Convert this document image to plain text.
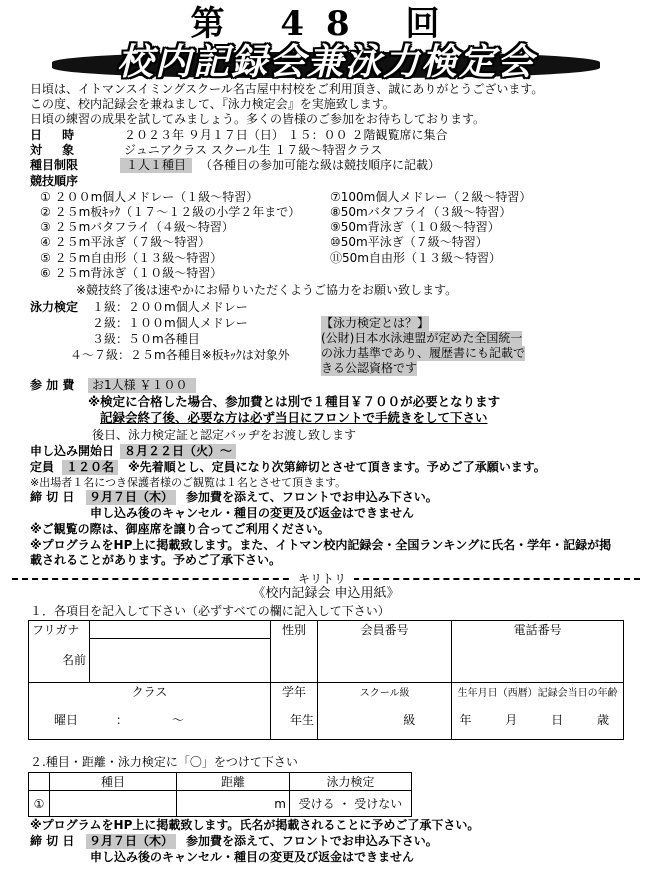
第 48 回
校内記録会兼泳力検定会
日頃は、イトマンスイミングスクール名古屋中村校をご利用頂き、誠にありがとうございます。
この度、校内記録会を兼ねまして、『泳力検定会』を実施致します。
日頃の練習の成果を試してみましょう。多くの皆様のご参加をお待ちしております。
日 時	２０２３年 ９月１７日（日） １５：００ ２階観覧席に集合
対 象	ジュニアクラス スクール生 １７級～特習クラス
種目制限	１人１種目	（各種目の参加可能な級は競技順序に記載）
競技順序
① ２００m個人メドレー（１級～特習）
② ２５m板ｷｯｸ（１７～１２級の小学２年まで）
③ ２５mバタフライ（４級～特習）
④ ２５m平泳ぎ（７級～特習）
⑤ ２５m自由形（１３級～特習）
⑥ ２５m背泳ぎ（１０級～特習）
⑦100m個人メドレー（２級～特習）
⑧50mバタフライ（３級～特習）
⑨50m背泳ぎ（１０級～特習）
⑩50m平泳ぎ（７級～特習）
⑪50m自由形（１３級～特習）
※競技終了後は速やかにお帰りいただくようご協力をお願い致します。
泳力検定 １級：２００m個人メドレー
２級：１００m個人メドレー
３級：５０m各種目
４～７級：２５m各種目※板ｷｯｸは対象外
【泳力検定とは？】
(公財)日本水泳連盟が定めた全国統一
の泳力基準であり、履歴書にも記載で
きる公認資格です
参 加 費	お1人様 ￥１００
※検定に合格した場合、参加費とは別で１種目￥７００が必要となります
記録会終了後、必要な方は必ず当日にフロントで手続きをして下さい
後日、泳力検定証と認定バッヂをお渡し致します
申し込み開始日 ８月２２日（火）～
定員 １２０名	※先着順とし、定員になり次第締切とさせて頂きます。予めご了承願います。
※出場者１名につき保護者様のご観覧は１名とさせて頂きます。
締 切 日 ９月７日（木） 参加費を添えて、フロントでお申込み下さい。
申し込み後のキャンセル・種目の変更及び返金はできません
※ご観覧の際は、御座席を譲り合ってご利用ください。
※プログラムをHP上に掲載致します。また、イトマン校内記録会・全国ランキングに氏名・学年・記録が掲
載されることがあります。予めご了承下さい。
キリトリ
《校内記録会 申込用紙》
１．各項目を記入して下さい（必ずすべての欄に記入して下さい）
フリガナ		性別	会員番号	電話番号
名前				
クラス		学年	スクール級	生年月日（西暦）記録会当日の年齢
曜日 ： ～		年生	級	年 月 日 歳
２.種目・距離・泳力検定に「〇」をつけて下さい
	種目	距離	泳力検定
①		m	受ける ・ 受けない
※プログラムをHP上に掲載致します。氏名が掲載されることに予めご了承下さい。
締 切 日 ９月７日（木） 参加費を添えて、フロントでお申込み下さい。
申し込み後のキャンセル・種目の変更及び返金はできません
